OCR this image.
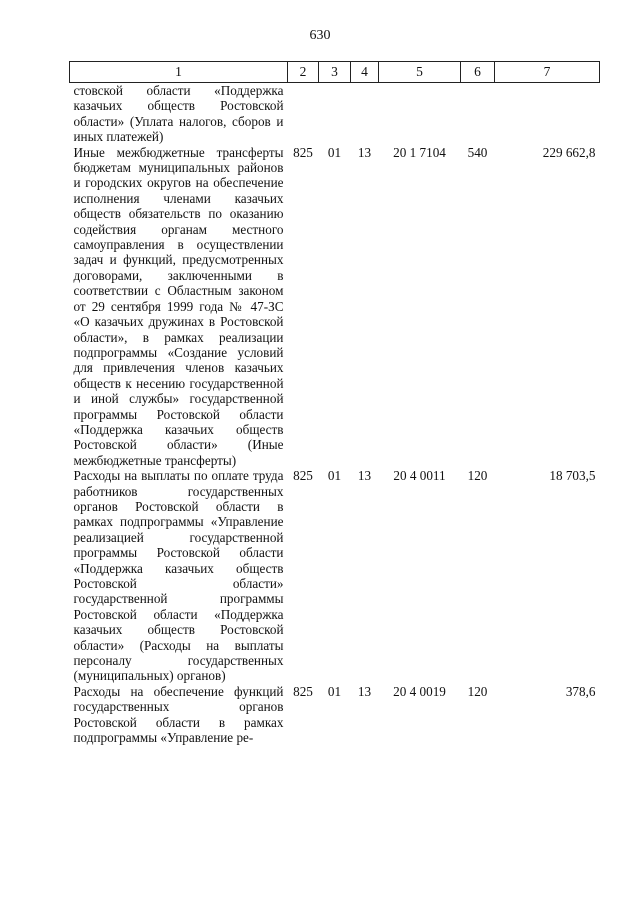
630
1	2	3	4	5	6	7
стовской области «Поддержка казачьих обществ Ростовской области» (Уплата налогов, сборов и иных платежей)						
Иные межбюджетные трансферты бюджетам муниципальных районов и городских округов на обеспечение исполнения членами казачьих обществ обязательств по оказанию содействия органам местного самоуправления в осуществлении задач и функций, предусмотренных договорами, заключенными в соответствии с Областным законом от 29 сентября 1999 года № 47-ЗС «О казачьих дружинах в Ростовской области», в рамках реализации подпрограммы «Создание условий для привлечения членов казачьих обществ к несению государственной и иной службы» государственной программы Ростовской области «Поддержка казачьих обществ Ростовской области» (Иные межбюджетные трансферты)	825	01	13	20 1 7104	540	229 662,8
Расходы на выплаты по оплате труда работников государственных органов Ростовской области в рамках подпрограммы «Управление реализацией государственной программы Ростовской области «Поддержка казачьих обществ Ростовской области» государственной программы Ростовской области «Поддержка казачьих обществ Ростовской области» (Расходы на выплаты персоналу государственных (муниципальных) органов)	825	01	13	20 4 0011	120	18 703,5
Расходы на обеспечение функций государственных органов Ростовской области в рамках подпрограммы «Управление ре-	825	01	13	20 4 0019	120	378,6
